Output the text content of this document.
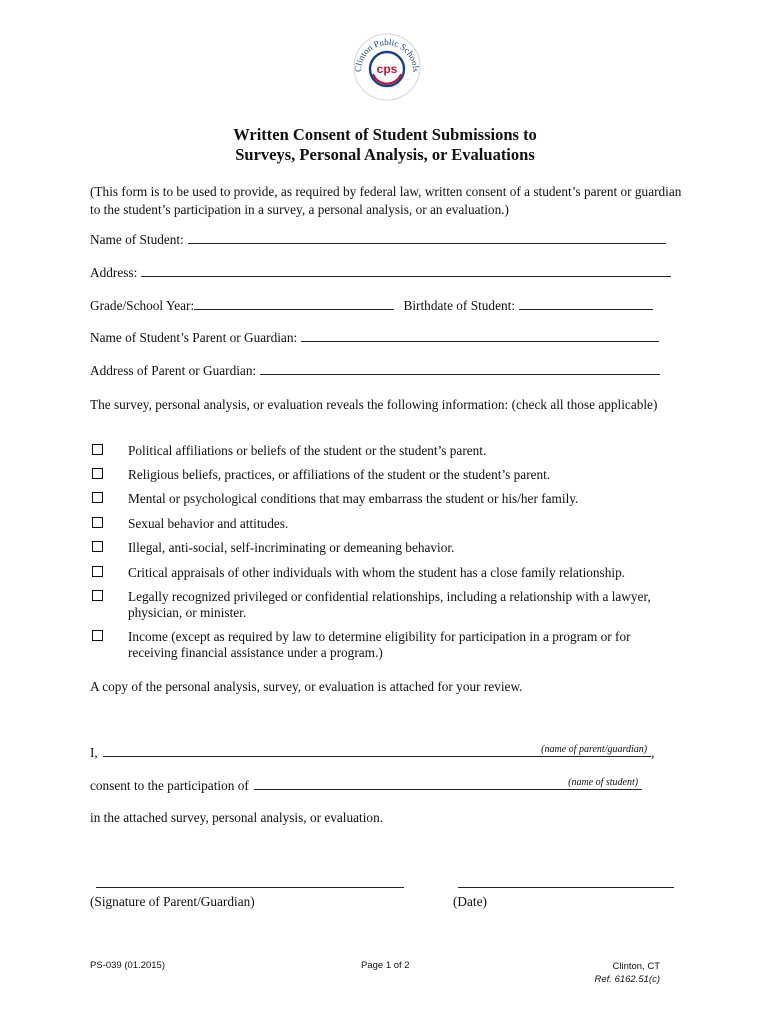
Clinton Public Schools
cps
Written Consent of Student Submissions to
Surveys, Personal Analysis, or Evaluations
(This form is to be used to provide, as required by federal law, written consent of a student’s parent or guardian to the student’s participation in a survey, a personal analysis, or an evaluation.)
Name of Student:
Address:
Grade/School Year:	Birthdate of Student:
Name of Student’s Parent or Guardian:
Address of Parent or Guardian:
The survey, personal analysis, or evaluation reveals the following information: (check all those applicable)
Political affiliations or beliefs of the student or the student’s parent.
Religious beliefs, practices, or affiliations of the student or the student’s parent.
Mental or psychological conditions that may embarrass the student or his/her family.
Sexual behavior and attitudes.
Illegal, anti-social, self-incriminating or demeaning behavior.
Critical appraisals of other individuals with whom the student has a close family relationship.
Legally recognized privileged or confidential relationships, including a relationship with a lawyer, physician, or minister.
Income (except as required by law to determine eligibility for participation in a program or for receiving financial assistance under a program.)
A copy of the personal analysis, survey, or evaluation is attached for your review.
I,	(name of parent/guardian) ,
consent to the participation of	(name of student)
in the attached survey, personal analysis, or evaluation.
(Signature of Parent/Guardian)	(Date)
PS-039 (01.2015)	Page 1 of 2	Clinton, CT
Ref. 6162.51(c)
